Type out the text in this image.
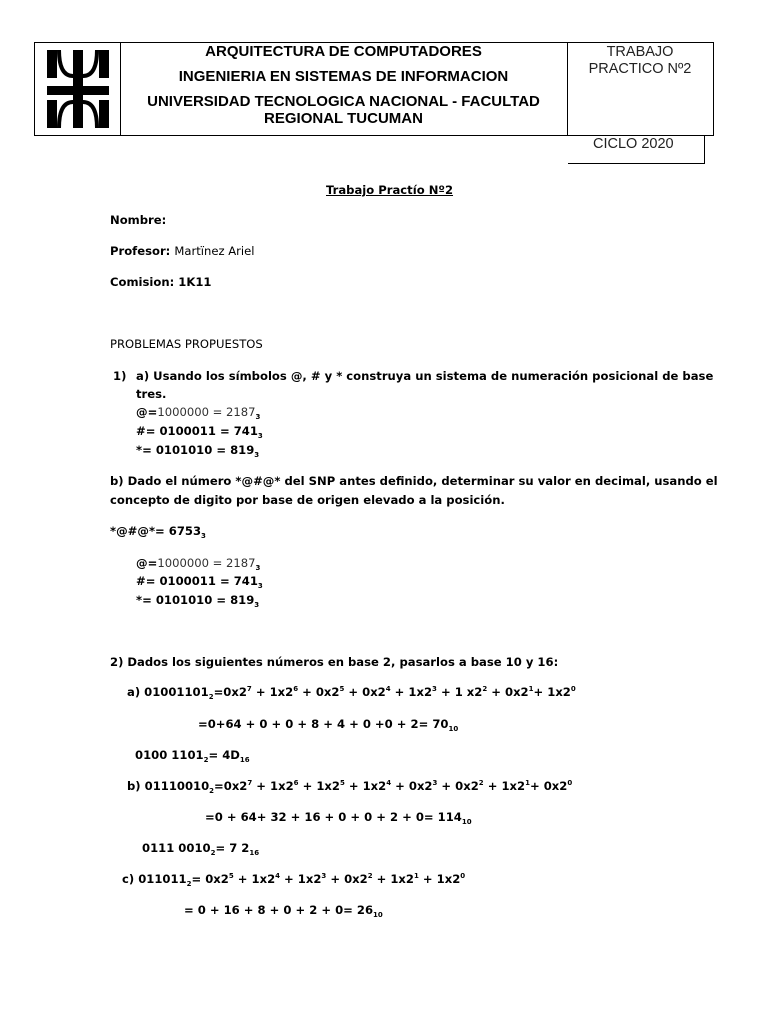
ARQUITECTURA DE COMPUTADORES
INGENIERIA EN SISTEMAS DE INFORMACION
UNIVERSIDAD TECNOLOGICA NACIONAL - FACULTAD
REGIONAL TUCUMAN
TRABAJO
PRACTICO Nº2
CICLO 2020
Trabajo Practío Nº2
Nombre:
Profesor: Martïnez Ariel
Comision: 1K11
PROBLEMAS PROPUESTOS
1) a) Usando los símbolos @, # y * construya un sistema de numeración posicional de base
tres.
@=1000000 = $2187_3$
#= $0100011 = 741_3$
*= $0101010 = 819_3$
b) Dado el número *@#@* del SNP antes definido, determinar su valor en decimal, usando el
concepto de digito por base de origen elevado a la posición.
*@#@*= $6753_3$
@=1000000 = $2187_3$
#= $0100011 = 741_3$
*= $0101010 = 819_3$
2) Dados los siguientes números en base 2, pasarlos a base 10 y 16:
a) $01001101_2=0x2^7 + 1x2^6 + 0x2^5 + 0x2^4 + 1x2^3 + 1$ $x2^2 + 0x2^1+ 1x2^0$
$=0+64 + 0 + 0 + 8 + 4 + 0 +0 + 2= 70_{10}$
0100 $1101_2= 4D_{16}$
b) $01110010_2=0x2^7 + 1x2^6 + 1x2^5 + 1x2^4 + 0x2^3 + 0x2^2 + 1x2^1+ 0x2^0$
$=0 + 64+ 32 + 16 + 0 + 0 + 2 + 0= 114_{10}$
0111 $0010_2= 7$ $2_{16}$
c) $011011_2= 0x2^5 + 1x2^4 + 1x2^3 + 0x2^2 + 1x2^1 + 1x2^0$
= $0 + 16 + 8 + 0 + 2 + 0= 26_{10}$
